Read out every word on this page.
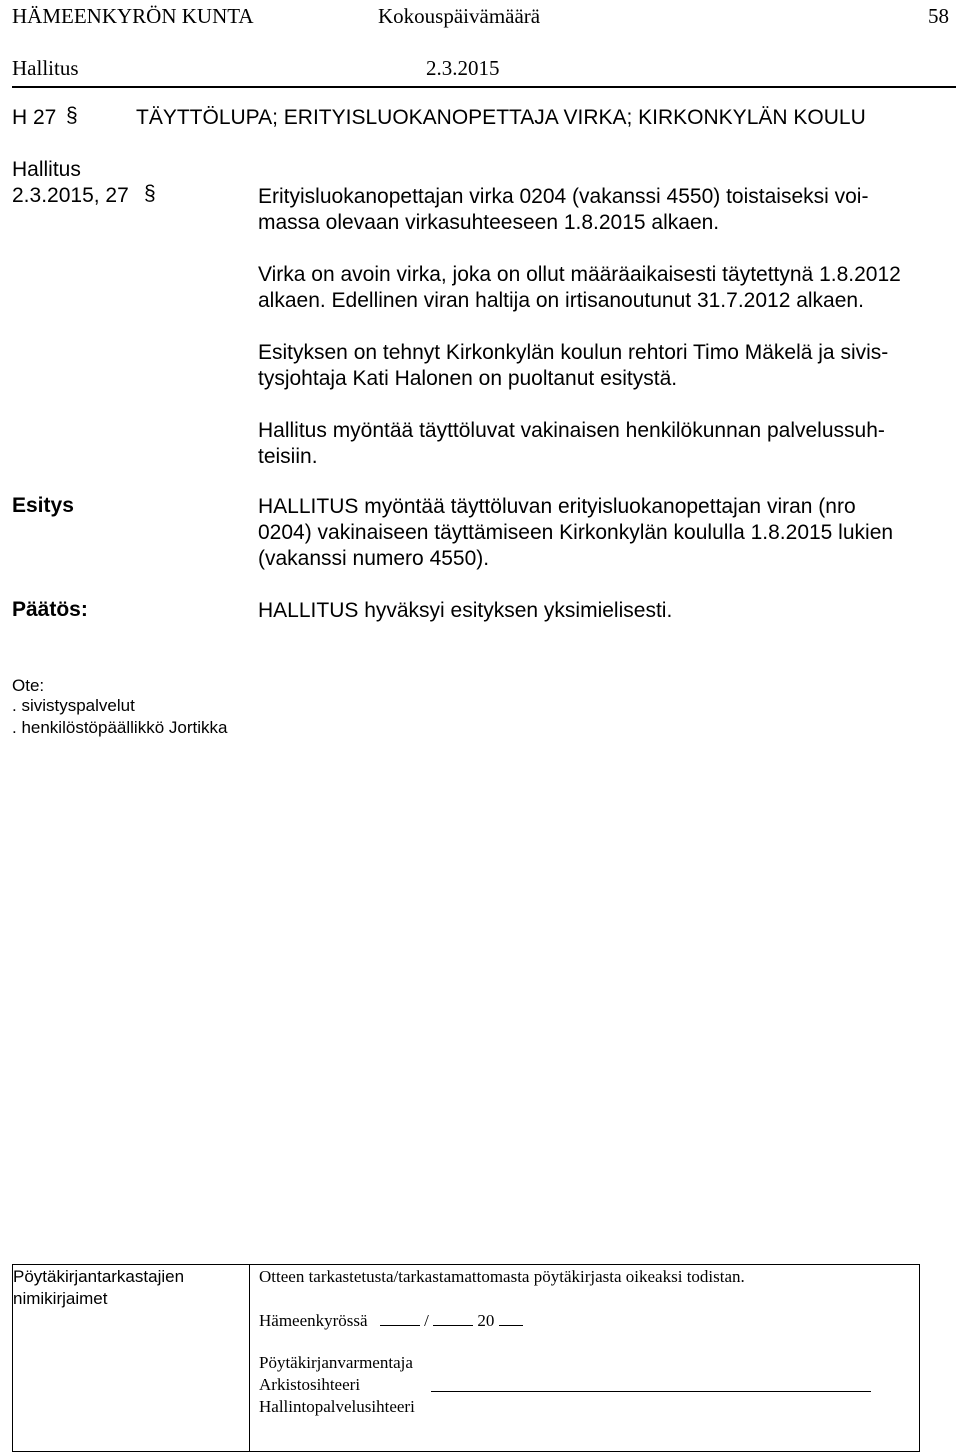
HÄMEENKYRÖN KUNTA	Kokouspäivämäärä	58
Hallitus	2.3.2015
H 27 §	TÄYTTÖLUPA; ERITYISLUOKANOPETTAJA VIRKA; KIRKONKYLÄN KOULU
Hallitus
2.3.2015, 27 §	Erityisluokanopettajan virka 0204 (vakanssi 4550) toistaiseksi voi-
massa olevaan virkasuhteeseen 1.8.2015 alkaen.
Virka on avoin virka, joka on ollut määräaikaisesti täytettynä 1.8.2012
alkaen. Edellinen viran haltija on irtisanoutunut 31.7.2012 alkaen.
Esityksen on tehnyt Kirkonkylän koulun rehtori Timo Mäkelä ja sivis-
tysjohtaja Kati Halonen on puoltanut esitystä.
Hallitus myöntää täyttöluvat vakinaisen henkilökunnan palvelussuh-
teisiin.
Esitys	HALLITUS myöntää täyttöluvan erityisluokanopettajan viran (nro
0204) vakinaiseen täyttämiseen Kirkonkylän koululla 1.8.2015 lukien
(vakanssi numero 4550).
Päätös:	HALLITUS hyväksyi esityksen yksimielisesti.
Ote:
. sivistyspalvelut
. henkilöstöpäällikkö Jortikka
Pöytäkirjantarkastajien
nimikirjaimet
Otteen tarkastetusta/tarkastamattomasta pöytäkirjasta oikeaksi todistan.
Hämeenkyrössä	/	20
Pöytäkirjanvarmentaja
Arkistosihteeri
Hallintopalvelusihteeri
